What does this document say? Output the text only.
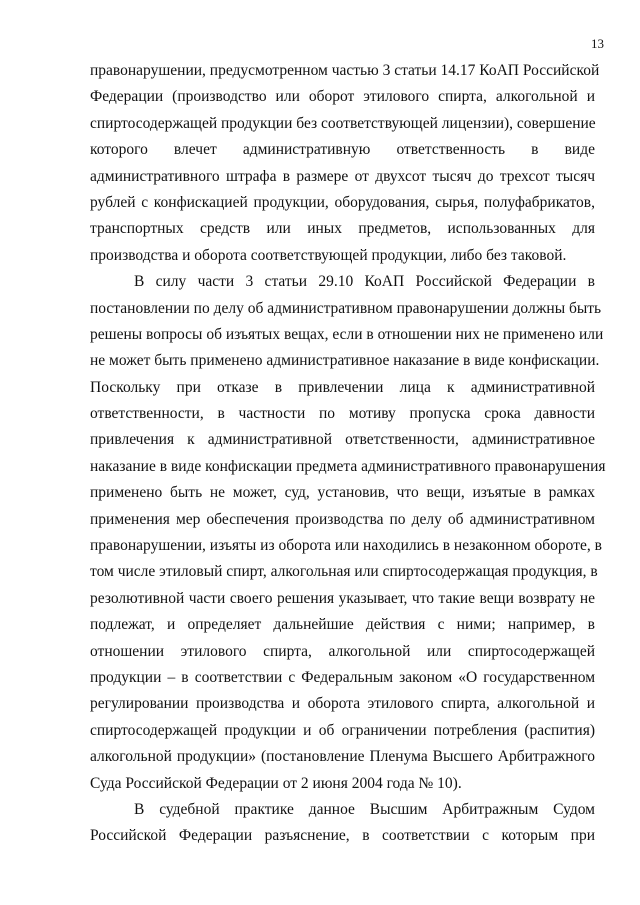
13

правонарушении, предусмотренном частью 3 статьи 14.17 КоАП Российской
Федерации (производство или оборот этилового спирта, алкогольной и
спиртосодержащей продукции без соответствующей лицензии), совершение
которого влечет административную ответственность в виде
административного штрафа в размере от двухсот тысяч до трехсот тысяч
рублей с конфискацией продукции, оборудования, сырья, полуфабрикатов,
транспортных средств или иных предметов, использованных для
производства и оборота соответствующей продукции, либо без таковой.

В силу части 3 статьи 29.10 КоАП Российской Федерации в
постановлении по делу об административном правонарушении должны быть
решены вопросы об изъятых вещах, если в отношении них не применено или
не может быть применено административное наказание в виде конфискации.
Поскольку при отказе в привлечении лица к административной
ответственности, в частности по мотиву пропуска срока давности
привлечения к административной ответственности, административное
наказание в виде конфискации предмета административного правонарушения
применено быть не может, суд, установив, что вещи, изъятые в рамках
применения мер обеспечения производства по делу об административном
правонарушении, изъяты из оборота или находились в незаконном обороте, в
том числе этиловый спирт, алкогольная или спиртосодержащая продукция, в
резолютивной части своего решения указывает, что такие вещи возврату не
подлежат, и определяет дальнейшие действия с ними; например, в
отношении этилового спирта, алкогольной или спиртосодержащей
продукции – в соответствии с Федеральным законом «О государственном
регулировании производства и оборота этилового спирта, алкогольной и
спиртосодержащей продукции и об ограничении потребления (распития)
алкогольной продукции» (постановление Пленума Высшего Арбитражного
Суда Российской Федерации от 2 июня 2004 года № 10).

В судебной практике данное Высшим Арбитражным Судом
Российской Федерации разъяснение, в соответствии с которым при
